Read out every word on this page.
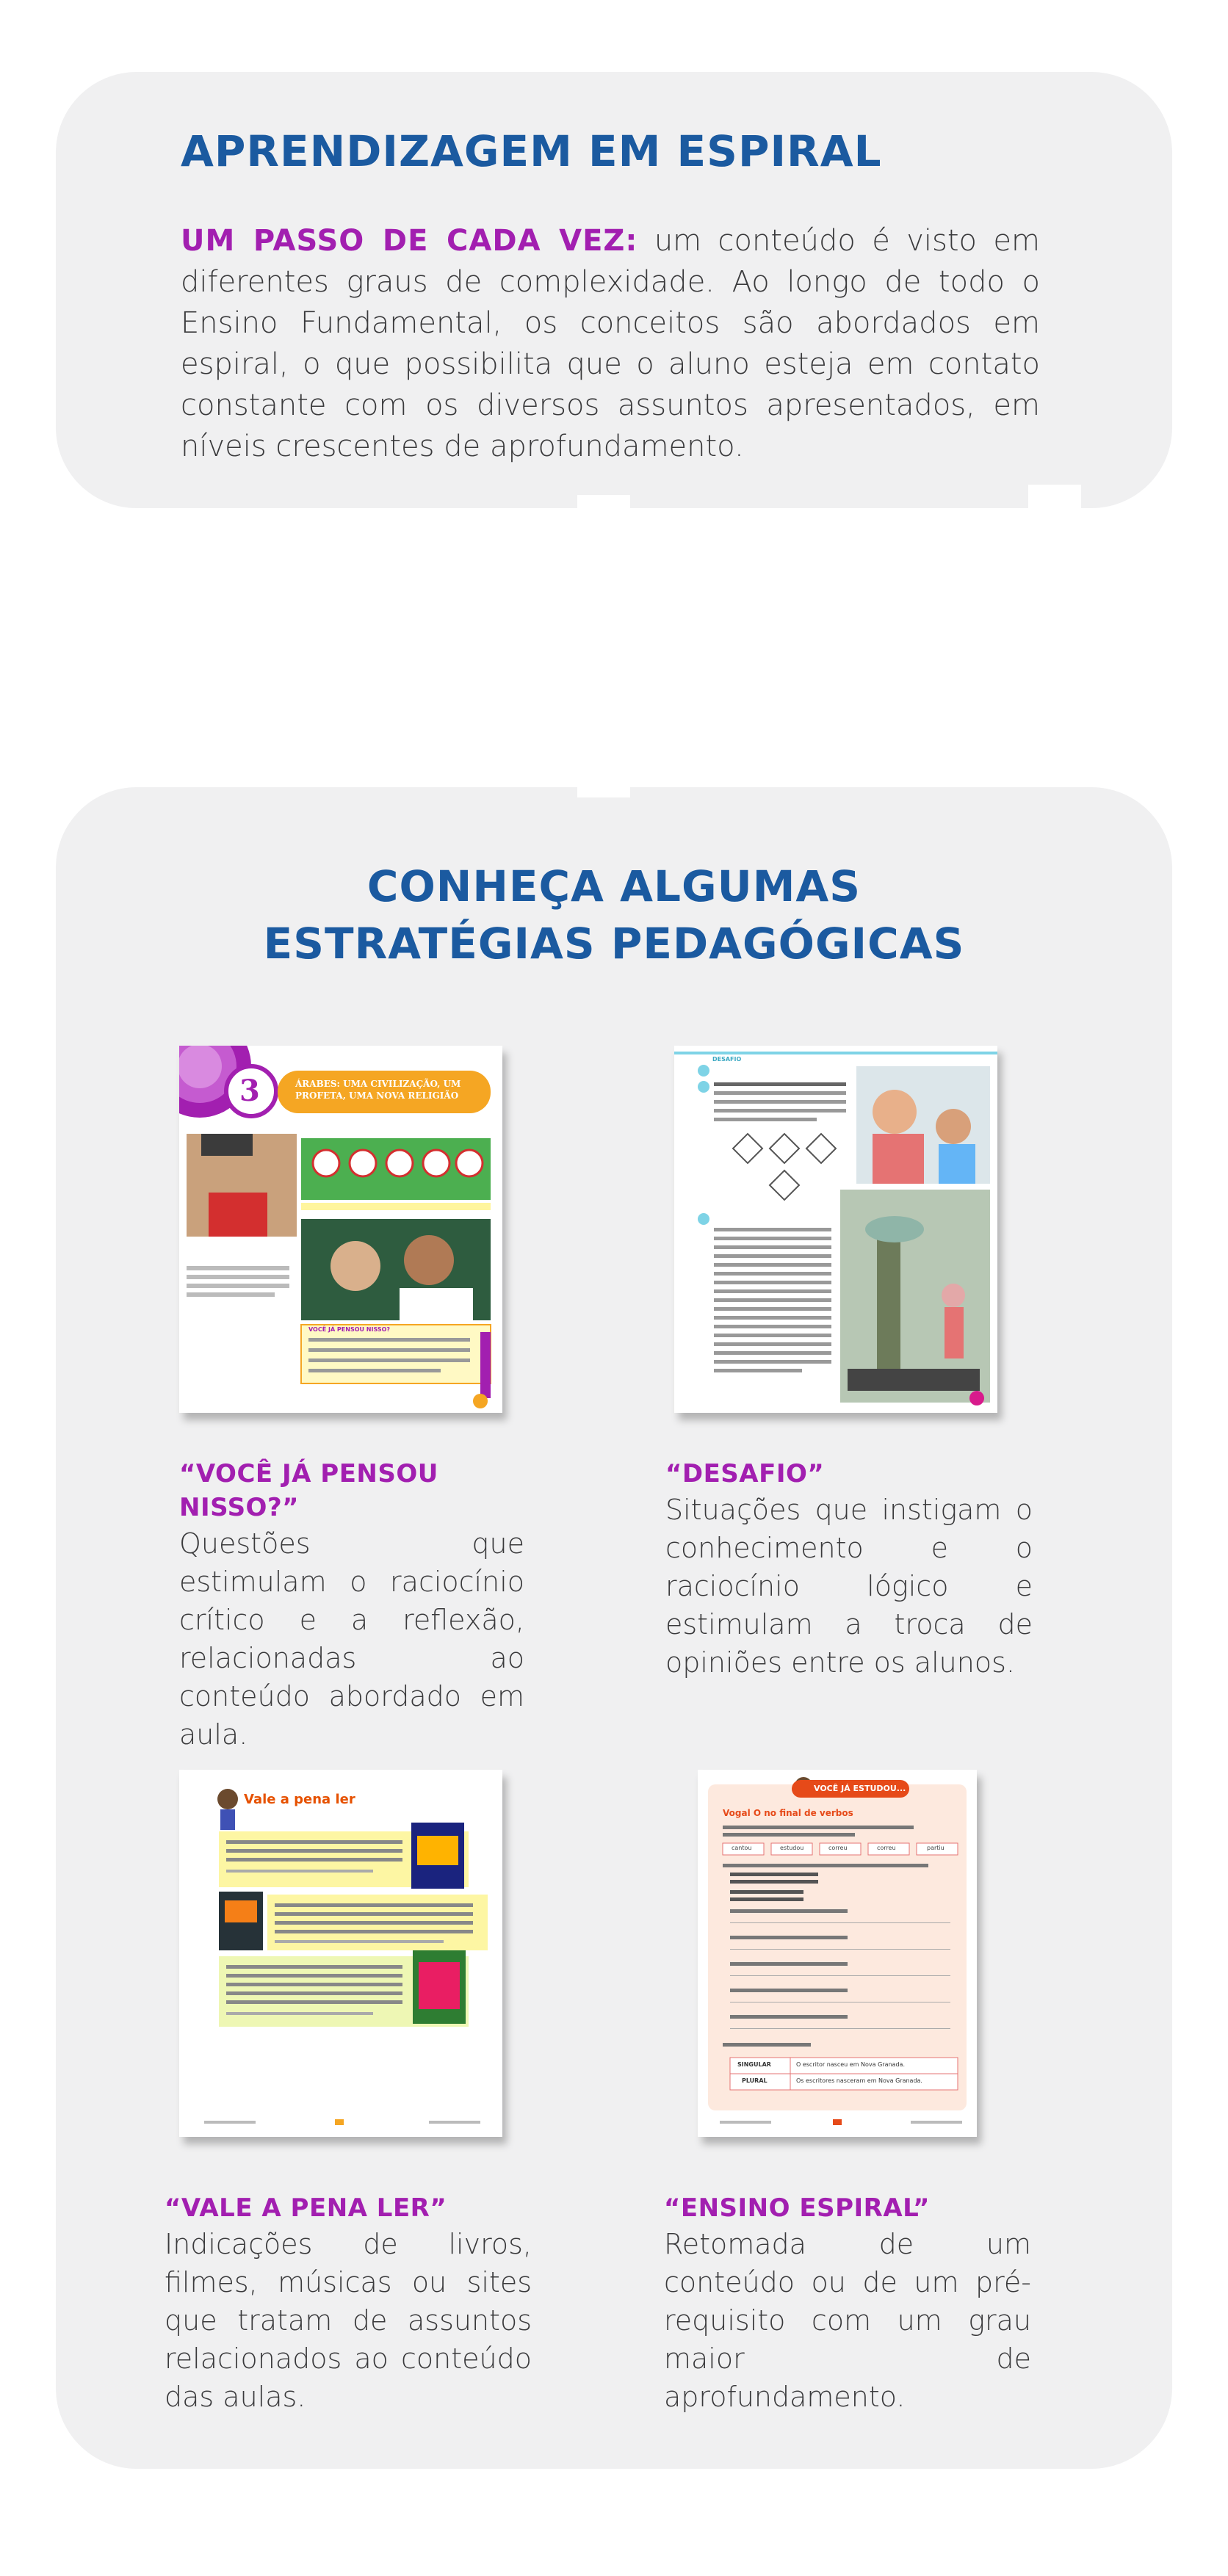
APRENDIZAGEM EM ESPIRAL

UM PASSO DE CADA VEZ: um conteúdo é visto em diferentes graus de complexidade. Ao longo de todo o Ensino Fundamental, os conceitos são abordados em espiral, o que possibilita que o aluno esteja em contato constante com os diversos assuntos apresentados, em níveis crescentes de aprofundamento.

CONHEÇA ALGUMAS
ESTRATÉGIAS PEDAGÓGICAS
3	ÁRABES: UMA CIVILIZAÇÃO, UM PROFETA, UMA NOVA RELIGIÃO
VOCÊ JÁ PENSOU NISSO?
“VOCÊ JÁ PENSOU NISSO?”
Questões que estimulam o raciocínio crítico e a reflexão, relacionadas ao conteúdo abordado em aula.
DESAFIO
“DESAFIO”
Situações que instigam o conhecimento e o raciocínio lógico e estimulam a troca de opiniões entre os alunos.
Vale a pena ler
“VALE A PENA LER”
Indicações de livros, filmes, músicas ou sites que tratam de assuntos relacionados ao conteúdo das aulas.
VOCÊ JÁ ESTUDOU...
Vogal O no final de verbos
cantou	estudou	correu	correu	partiu
SINGULAR	O escritor nasceu em Nova Granada.
PLURAL	Os escritores nasceram em Nova Granada.
“ENSINO ESPIRAL”
Retomada de um conteúdo ou de um pré-requisito com um grau maior de aprofundamento.
